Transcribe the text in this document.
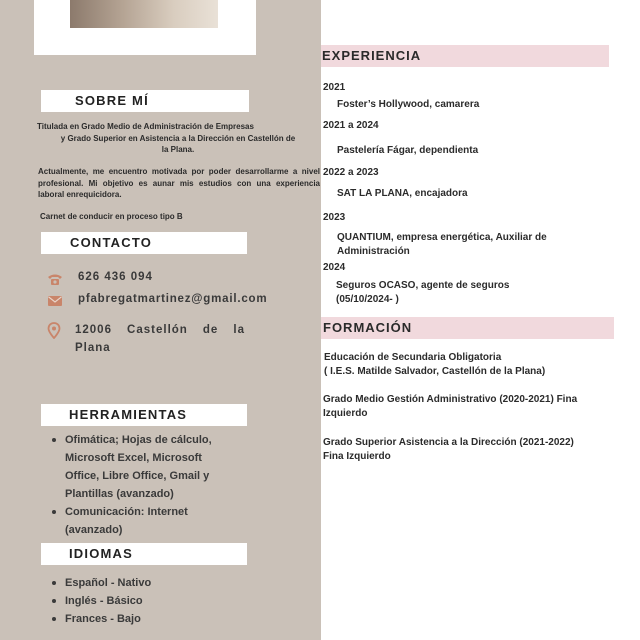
SOBRE MÍ
Titulada en Grado Medio de Administración de Empresas
y Grado Superior en Asistencia a la Dirección en Castellón de
la Plana.
Actualmente, me encuentro motivada por poder desarrollarme a nivel profesional. Mi objetivo es aunar mis estudios con una experiencia laboral enrequicidora.
Carnet de conducir en proceso tipo B
CONTACTO
626 436 094
pfabregatmartinez@gmail.com
12006 Castellón de la Plana
HERRAMIENTAS
Ofimática; Hojas de cálculo, Microsoft Excel, Microsoft Office, Libre Office, Gmail y Plantillas (avanzado)
Comunicación: Internet (avanzado)
IDIOMAS
Español - Nativo
Inglés - Básico
Frances - Bajo
EXPERIENCIA
2021
Foster’s Hollywood, camarera
2021 a 2024
Pastelería Fágar, dependienta
2022 a 2023
SAT LA PLANA, encajadora
2023
QUANTIUM, empresa energética, Auxiliar de
Administración
2024
Seguros OCASO, agente de seguros
(05/10/2024- )
FORMACIÓN
Educación de Secundaria Obligatoria
( I.E.S. Matilde Salvador, Castellón de la Plana)
Grado Medio Gestión Administrativo (2020-2021) Fina
Izquierdo
Grado Superior Asistencia a la Dirección (2021-2022)
Fina Izquierdo
